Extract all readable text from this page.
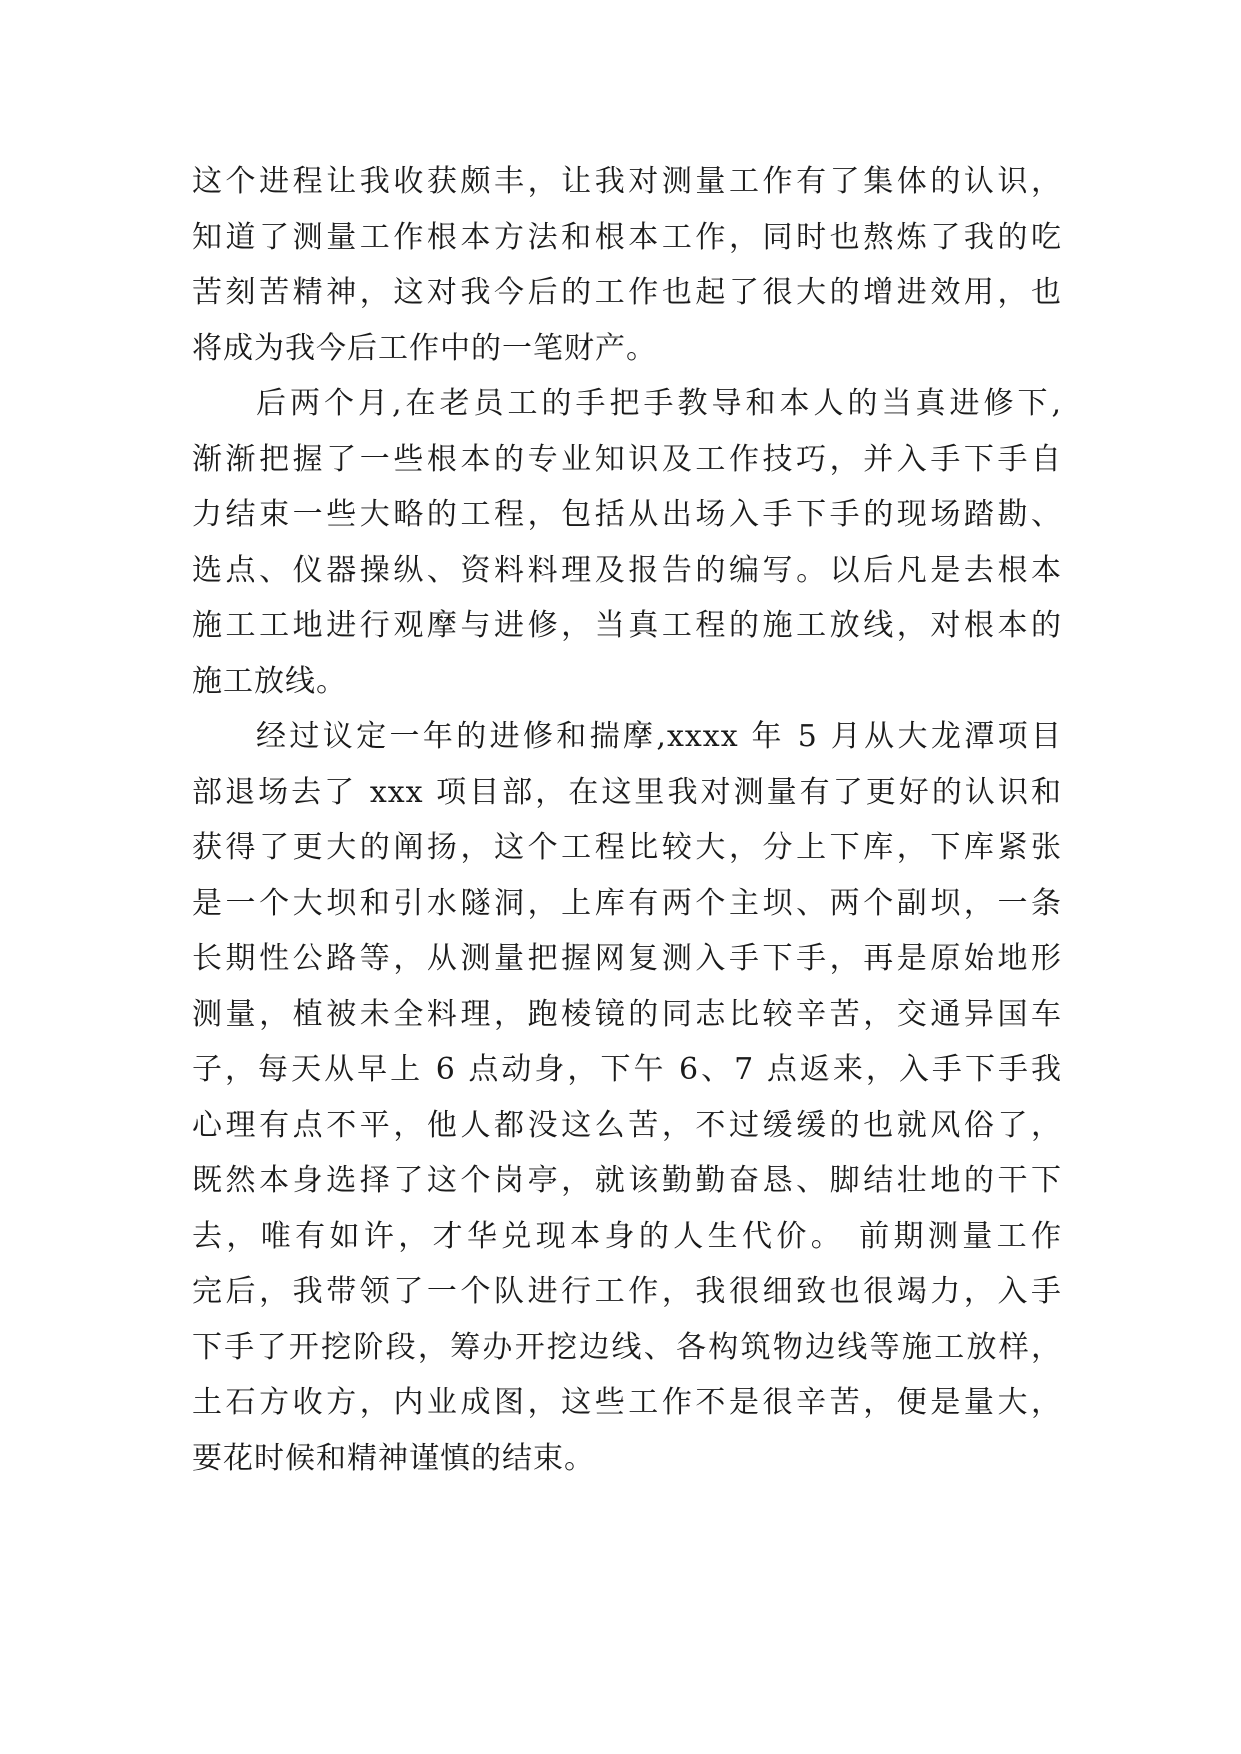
这个进程让我收获颇丰，让我对测量工作有了集体的认识，
知道了测量工作根本方法和根本工作，同时也熬炼了我的吃
苦刻苦精神，这对我今后的工作也起了很大的增进效用，也
将成为我今后工作中的一笔财产。
后两个月,在老员工的手把手教导和本人的当真进修下,
渐渐把握了一些根本的专业知识及工作技巧，并入手下手自
力结束一些大略的工程，包括从出场入手下手的现场踏勘、
选点、仪器操纵、资料料理及报告的编写。以后凡是去根本
施工工地进行观摩与进修，当真工程的施工放线，对根本的
施工放线。
经过议定一年的进修和揣摩,xxxx 年 5 月从大龙潭项目
部退场去了 xxx 项目部，在这里我对测量有了更好的认识和
获得了更大的阐扬，这个工程比较大，分上下库，下库紧张
是一个大坝和引水隧洞，上库有两个主坝、两个副坝，一条
长期性公路等，从测量把握网复测入手下手，再是原始地形
测量，植被未全料理，跑棱镜的同志比较辛苦，交通异国车
子，每天从早上 6 点动身，下午 6、7 点返来，入手下手我
心理有点不平，他人都没这么苦，不过缓缓的也就风俗了，
既然本身选择了这个岗亭，就该勤勤奋恳、脚结壮地的干下
去，唯有如许，才华兑现本身的人生代价。 前期测量工作
完后，我带领了一个队进行工作，我很细致也很竭力，入手
下手了开挖阶段，筹办开挖边线、各构筑物边线等施工放样，
土石方收方，内业成图，这些工作不是很辛苦，便是量大，
要花时候和精神谨慎的结束。
